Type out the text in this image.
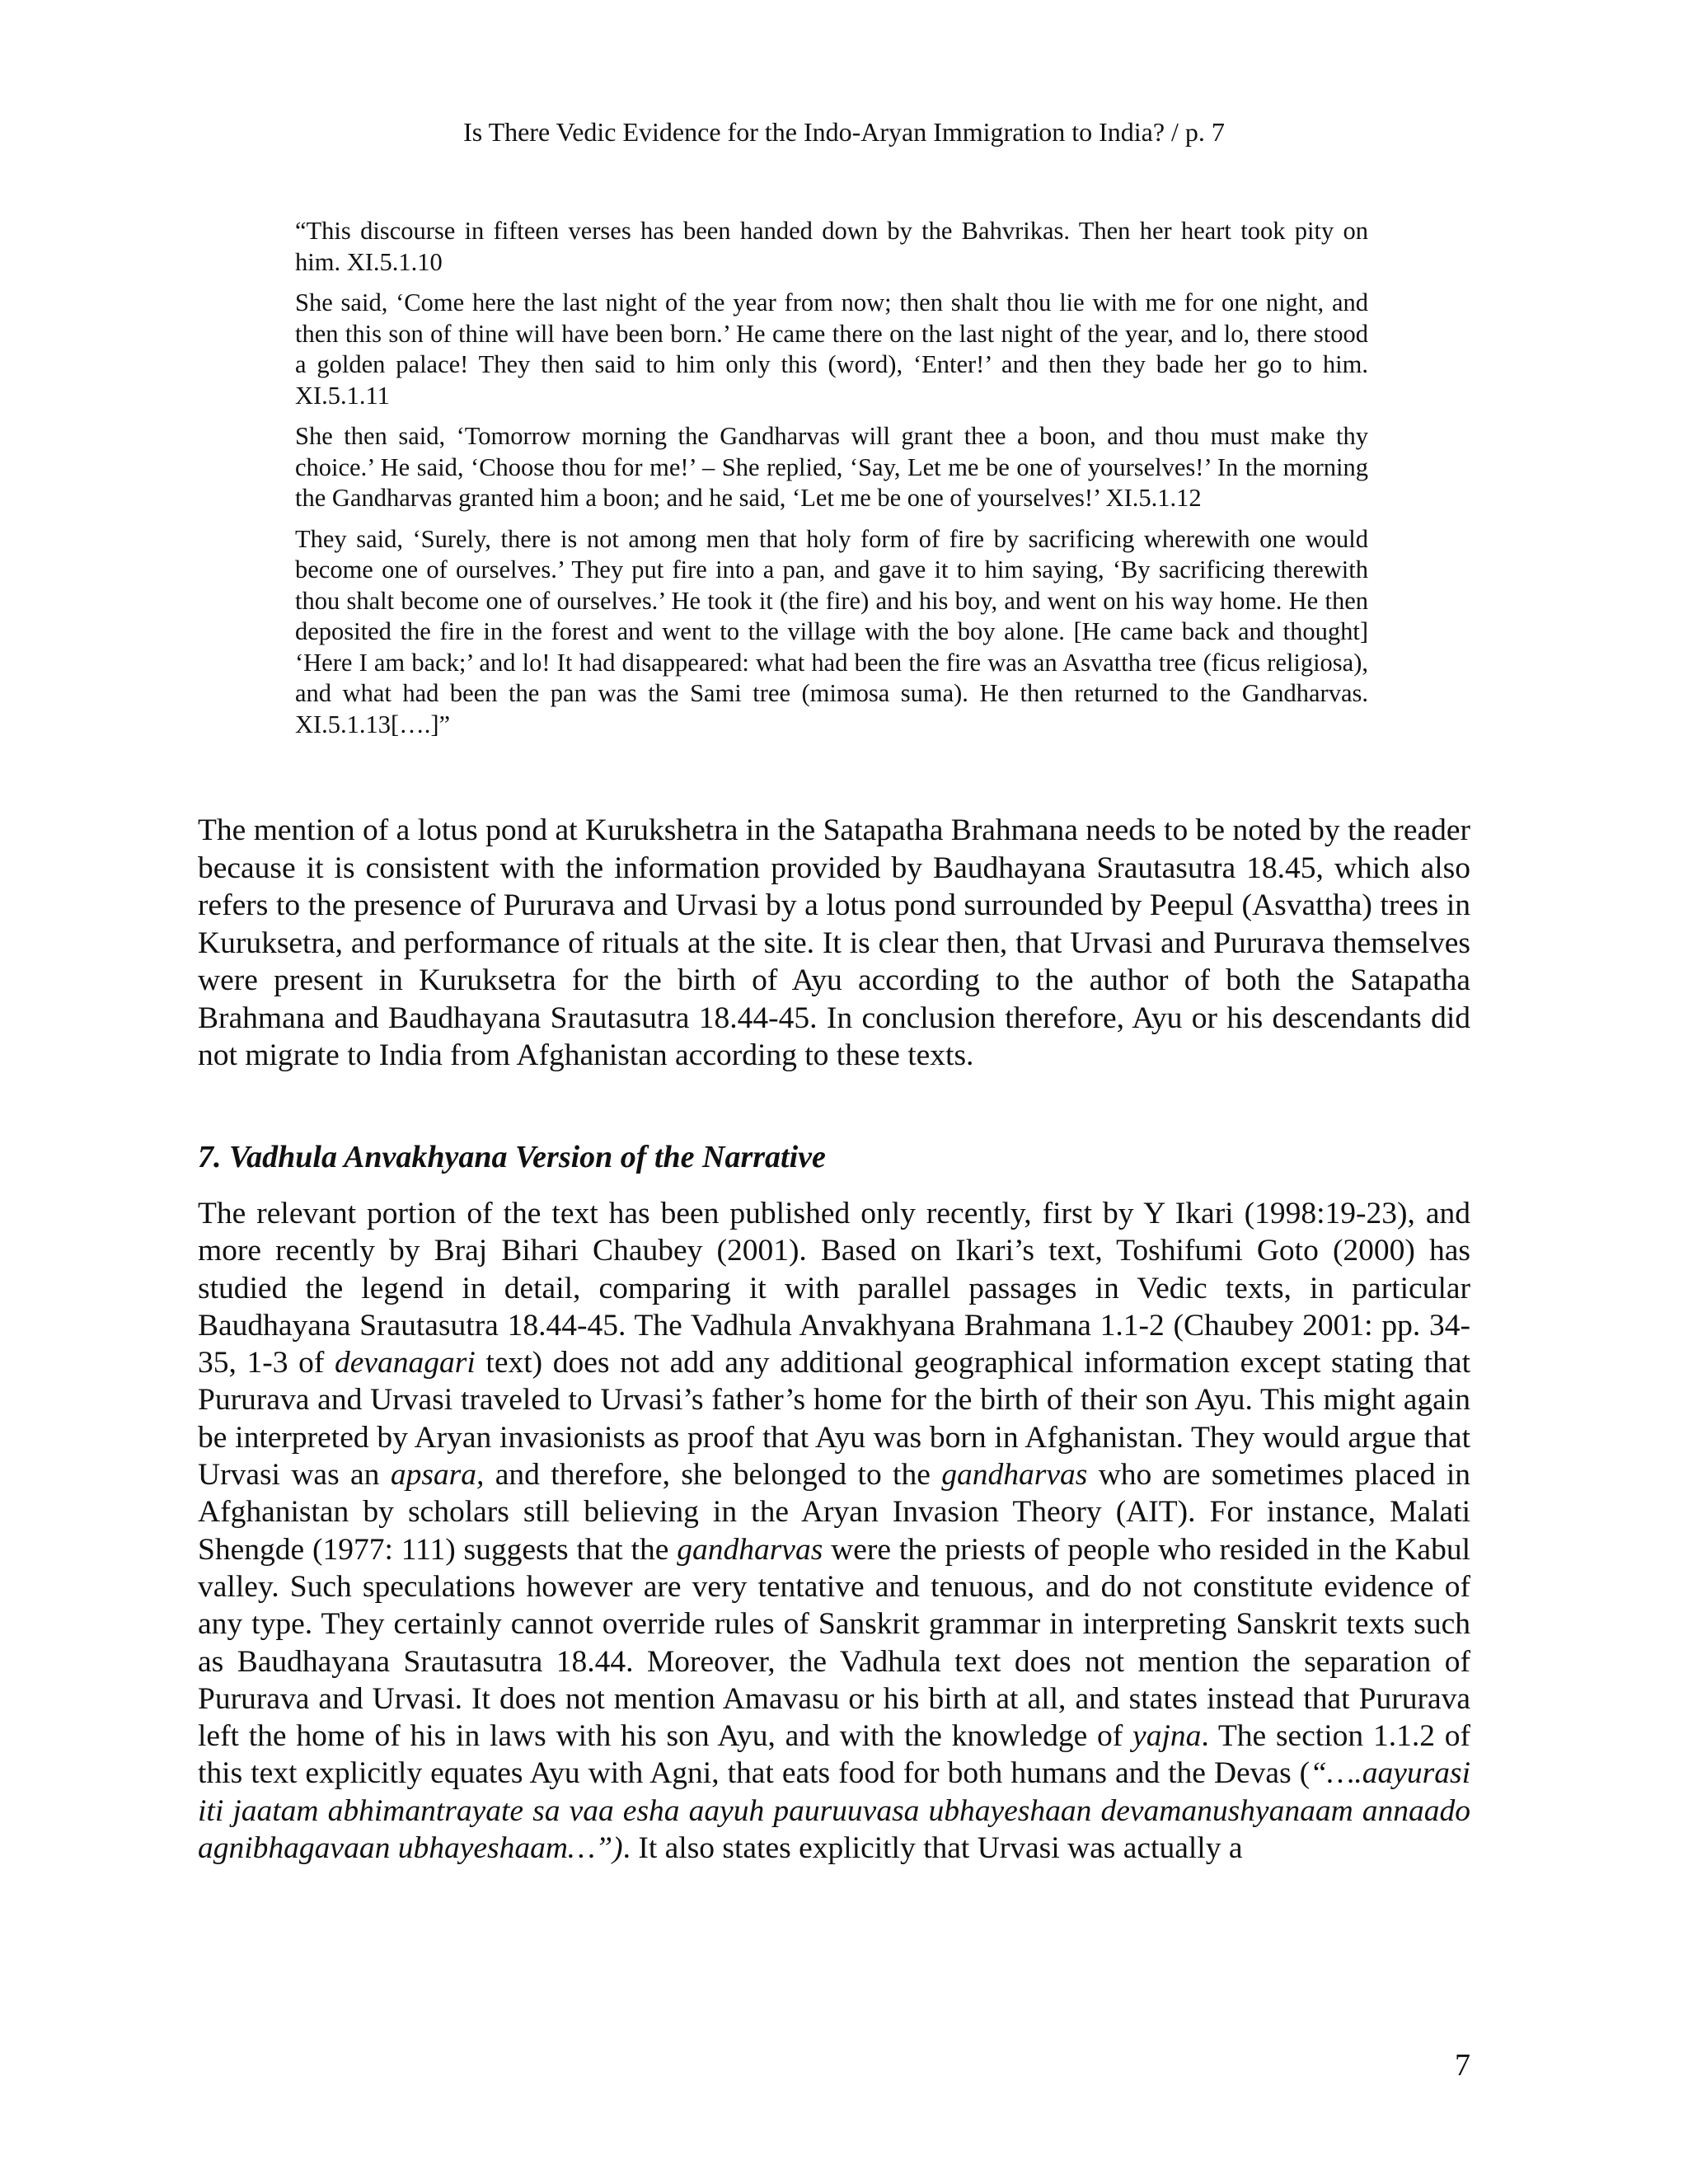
Is There Vedic Evidence for the Indo-Aryan Immigration to India? / p. 7

“This discourse in fifteen verses has been handed down by the Bahvrikas. Then her heart took pity on him. XI.5.1.10

She said, ‘Come here the last night of the year from now; then shalt thou lie with me for one night, and then this son of thine will have been born.’ He came there on the last night of the year, and lo, there stood a golden palace! They then said to him only this (word), ‘Enter!’ and then they bade her go to him. XI.5.1.11

She then said, ‘Tomorrow morning the Gandharvas will grant thee a boon, and thou must make thy choice.’ He said, ‘Choose thou for me!’ – She replied, ‘Say, Let me be one of yourselves!’ In the morning the Gandharvas granted him a boon; and he said, ‘Let me be one of yourselves!’ XI.5.1.12

They said, ‘Surely, there is not among men that holy form of fire by sacrificing wherewith one would become one of ourselves.’ They put fire into a pan, and gave it to him saying, ‘By sacrificing therewith thou shalt become one of ourselves.’ He took it (the fire) and his boy, and went on his way home. He then deposited the fire in the forest and went to the village with the boy alone. [He came back and thought] ‘Here I am back;’ and lo! It had disappeared: what had been the fire was an Asvattha tree (ficus religiosa), and what had been the pan was the Sami tree (mimosa suma). He then returned to the Gandharvas. XI.5.1.13[….]”

The mention of a lotus pond at Kurukshetra in the Satapatha Brahmana needs to be noted by the reader because it is consistent with the information provided by Baudhayana Srautasutra 18.45, which also refers to the presence of Pururava and Urvasi by a lotus pond surrounded by Peepul (Asvattha) trees in Kuruksetra, and performance of rituals at the site. It is clear then, that Urvasi and Pururava themselves were present in Kuruksetra for the birth of Ayu according to the author of both the Satapatha Brahmana and Baudhayana Srautasutra 18.44-45. In conclusion therefore, Ayu or his descendants did not migrate to India from Afghanistan according to these texts.

7. Vadhula Anvakhyana Version of the Narrative

The relevant portion of the text has been published only recently, first by Y Ikari (1998:19-23), and more recently by Braj Bihari Chaubey (2001). Based on Ikari’s text, Toshifumi Goto (2000) has studied the legend in detail, comparing it with parallel passages in Vedic texts, in particular Baudhayana Srautasutra 18.44-45. The Vadhula Anvakhyana Brahmana 1.1-2 (Chaubey 2001: pp. 34-35, 1-3 of devanagari text) does not add any additional geographical information except stating that Pururava and Urvasi traveled to Urvasi’s father’s home for the birth of their son Ayu. This might again be interpreted by Aryan invasionists as proof that Ayu was born in Afghanistan. They would argue that Urvasi was an apsara, and therefore, she belonged to the gandharvas who are sometimes placed in Afghanistan by scholars still believing in the Aryan Invasion Theory (AIT). For instance, Malati Shengde (1977: 111) suggests that the gandharvas were the priests of people who resided in the Kabul valley. Such speculations however are very tentative and tenuous, and do not constitute evidence of any type. They certainly cannot override rules of Sanskrit grammar in interpreting Sanskrit texts such as Baudhayana Srautasutra 18.44. Moreover, the Vadhula text does not mention the separation of Pururava and Urvasi. It does not mention Amavasu or his birth at all, and states instead that Pururava left the home of his in laws with his son Ayu, and with the knowledge of yajna. The section 1.1.2 of this text explicitly equates Ayu with Agni, that eats food for both humans and the Devas (“….aayurasi iti jaatam abhimantrayate sa vaa esha aayuh pauruuvasa ubhayeshaan devamanushyanaam annaado agnibhagavaan ubhayeshaam…”). It also states explicitly that Urvasi was actually a

7
